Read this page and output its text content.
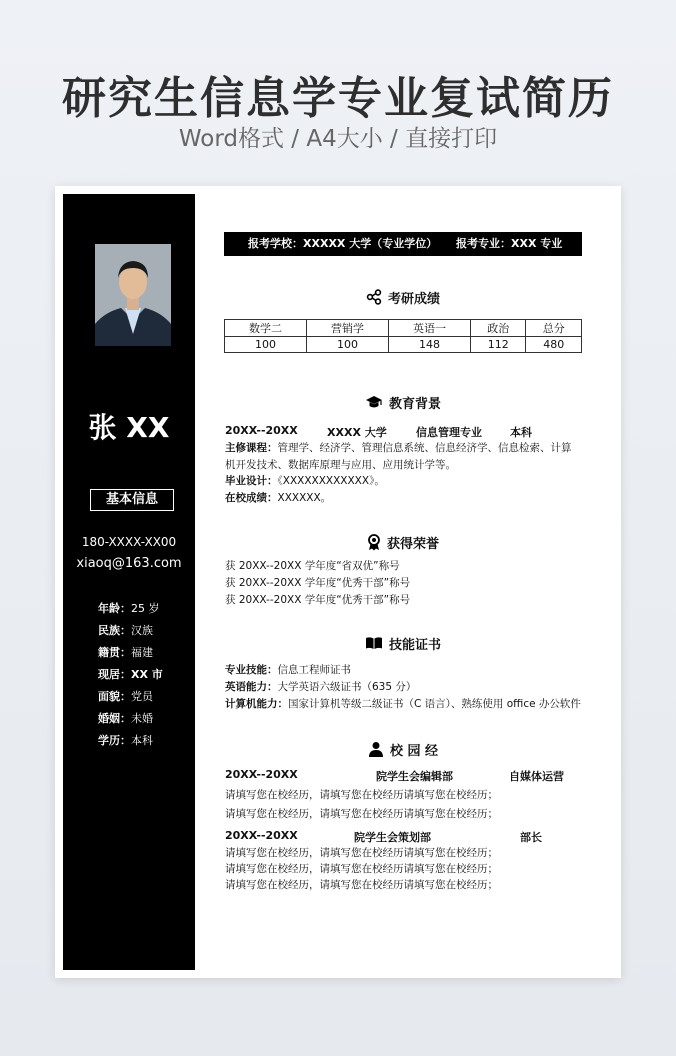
研究生信息学专业复试简历
Word格式 / A4大小 / 直接打印
张 XX
基本信息
180-XXXX-XX00
xiaoq@163.com
年龄：25 岁
民族：汉族
籍贯：福建
现居：XX 市
面貌：党员
婚姻：未婚
学历：本科
报考学校：XXXXX 大学（专业学位） 报考专业：XXX 专业
考研成绩
数学二	营销学	英语一	政治	总分
100	100	148	112	480
教育背景
20XX--20XX	XXXX 大学	信息管理专业	本科
主修课程：管理学、经济学、管理信息系统、信息经济学、信息检索、计算机开发技术、数据库原理与应用、应用统计学等。
毕业设计：《XXXXXXXXXXXX》。
在校成绩：XXXXXX。
获得荣誉
获 20XX--20XX 学年度“省双优”称号
获 20XX--20XX 学年度“优秀干部”称号
获 20XX--20XX 学年度“优秀干部”称号
技能证书
专业技能：信息工程师证书
英语能力：大学英语六级证书（635 分）
计算机能力：国家计算机等级二级证书（C 语言）、熟练使用 office 办公软件
校 园 经
20XX--20XX	院学生会编辑部	自媒体运营
请填写您在校经历，请填写您在校经历请填写您在校经历；
请填写您在校经历，请填写您在校经历请填写您在校经历；
20XX--20XX	院学生会策划部	部长
请填写您在校经历，请填写您在校经历请填写您在校经历；
请填写您在校经历，请填写您在校经历请填写您在校经历；
请填写您在校经历，请填写您在校经历请填写您在校经历；
